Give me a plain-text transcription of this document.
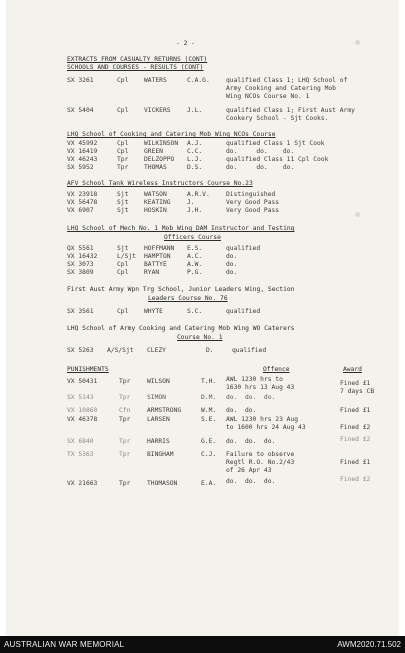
- 2 -
EXTRACTS FROM CASUALTY RETURNS (CONT)
SCHOOLS AND COURSES - RESULTS (CONT)
SX 3261	Cpl WATERS	C.A.G.	qualified Class 1; LHQ School of
Army Cooking and Catering Mob
Wing NCOs Course No. 1
SX 5404	Cpl VICKERS	J.L.	qualified Class 1; First Aust Army
Cookery School - Sjt Cooks.
LHQ School of Cooking and Catering Mob Wing NCOs Course
VX 45992	Cpl WILKINSON A.J.	qualified Class 1 Sjt Cook
VX 16419	Cpl GREEN	C.C.	do.     do.    do.
VX 46243	Tpr DELZOPPO L.J.	qualified Class 11 Cpl Cook
SX 5952	Tpr THOMAS	D.S.	do.     do.    do.
AFV School Tank Wireless Instructors Course No.23
VX 23918	Sjt WATSON	A.R.V.	Distinguished
VX 56478	Sjt KEATING	J.	Very Good Pass
VX 6907	Sjt HOSKIN	J.H.	Very Good Pass
LHQ School of Mech No. 1 Mob Wing DAM Instructor and Testing
Officers Course
QX 5561	Sjt HOFFMANN E.S.	qualified
VX 16432	L/Sjt HAMPTON	A.C.	do.
SX 3073	Cpl BATTYE	A.W.	do.
SX 3809	Cpl RYAN	P.G.	do.
First Aust Army Wpn Trg School, Junior Leaders Wing, Section
Leaders Course No. 76
SX 3561	Cpl WHYTE	S.C.	qualified
LHQ School of Army Cooking and Catering Mob Wing WO Caterers
Course No. 1
SX 5263 A/S/Sjt CLEZY	D.	qualified
PUNISHMENTS	Offence	Award
VX 50431	Tpr	WILSON	T.H. AWL 1230 hrs to
1630 hrs 13 Aug 43
Fined £1
7 days CB
SX 5143	Tpr	SIMON	D.M. do.  do.  do.
VX 10860	Cfn	ARMSTRONG	W.M. do.  do.	Fined £1
VX 46378	Tpr	LARSEN	S.E. AWL 1230 hrs 23 Aug
to 1600 hrs 24 Aug 43	Fined £2
SX 6840	Tpr	HARRIS	G.E. do.  do.  do.	Fined £2
TX 5363	Tpr	BINGHAM	C.J. Failure to observe
Regtl R.O. No.2/43
of 26 Apr 43
Fined £1
VX 21663	Tpr	THOMASON	E.A. do.  do.  do.	Fined £2
AUSTRALIAN WAR MEMORIAL	AWM2020.71.502
